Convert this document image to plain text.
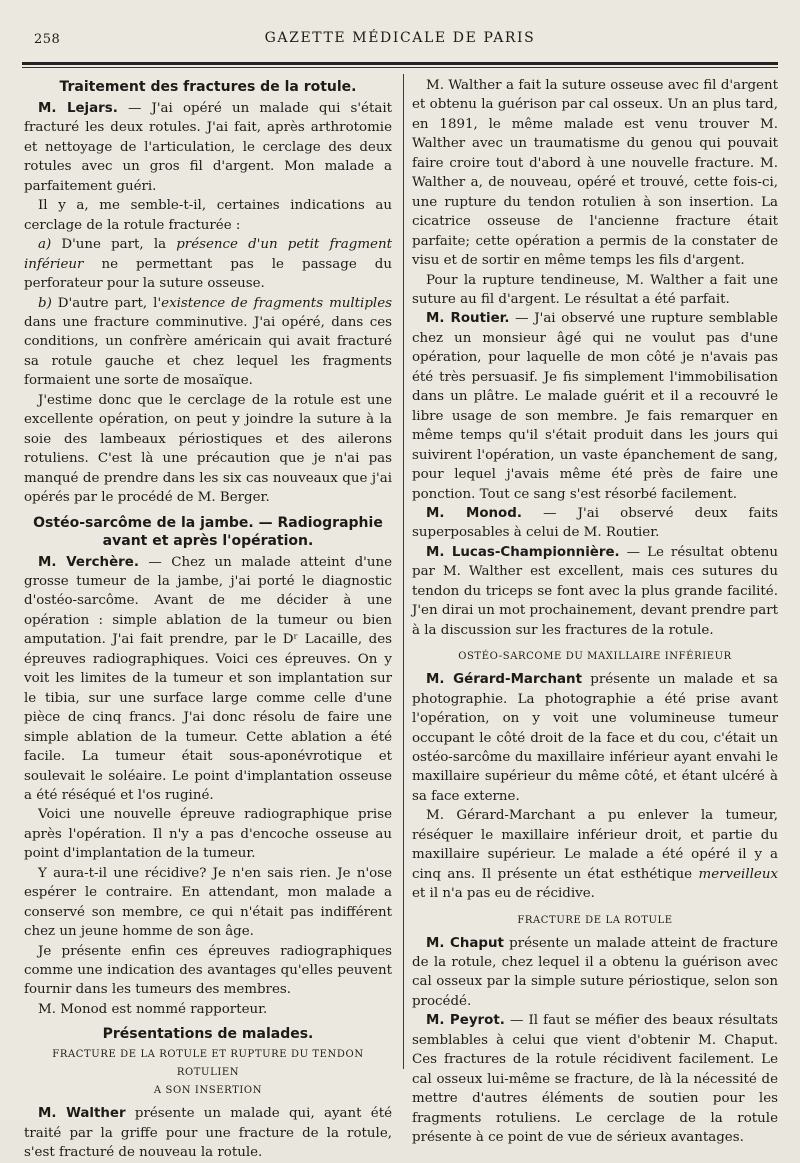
258	GAZETTE MÉDICALE DE PARIS
Traitement des fractures de la rotule.

M. Lejars. — J'ai opéré un malade qui s'était fracturé les deux rotules. J'ai fait, après arthrotomie et nettoyage de l'articulation, le cerclage des deux rotules avec un gros fil d'argent. Mon malade a parfaitement guéri.

Il y a, me semble-t-il, certaines indications au cerclage de la rotule fracturée :

a) D'une part, la présence d'un petit fragment inférieur ne permettant pas le passage du perforateur pour la suture osseuse.

b) D'autre part, l'existence de fragments multiples dans une fracture comminutive. J'ai opéré, dans ces conditions, un confrère américain qui avait fracturé sa rotule gauche et chez lequel les fragments formaient une sorte de mosaïque.

J'estime donc que le cerclage de la rotule est une excellente opération, on peut y joindre la suture à la soie des lambeaux périostiques et des ailerons rotuliens. C'est là une précaution que je n'ai pas manqué de prendre dans les six cas nouveaux que j'ai opérés par le procédé de M. Berger.

Ostéo-sarcôme de la jambe. — Radiographie
avant et après l'opération.

M. Verchère. — Chez un malade atteint d'une grosse tumeur de la jambe, j'ai porté le diagnostic d'ostéo-sarcôme. Avant de me décider à une opération : simple ablation de la tumeur ou bien amputation. J'ai fait prendre, par le Dʳ Lacaille, des épreuves radiographiques. Voici ces épreuves. On y voit les limites de la tumeur et son implantation sur le tibia, sur une surface large comme celle d'une pièce de cinq francs. J'ai donc résolu de faire une simple ablation de la tumeur. Cette ablation a été facile. La tumeur était sous-aponévrotique et soulevait le soléaire. Le point d'implantation osseuse a été réséqué et l'os ruginé.

Voici une nouvelle épreuve radiographique prise après l'opération. Il n'y a pas d'encoche osseuse au point d'implantation de la tumeur.

Y aura-t-il une récidive? Je n'en sais rien. Je n'ose espérer le contraire. En attendant, mon malade a conservé son membre, ce qui n'était pas indifférent chez un jeune homme de son âge.

Je présente enfin ces épreuves radiographiques comme une indication des avantages qu'elles peuvent fournir dans les tumeurs des membres.

M. Monod est nommé rapporteur.

Présentations de malades.
FRACTURE DE LA ROTULE ET RUPTURE DU TENDON ROTULIEN
A SON INSERTION

M. Walther présente un malade qui, ayant été traité par la griffe pour une fracture de la rotule, s'est fracturé de nouveau la rotule.

M. Walther a fait la suture osseuse avec fil d'argent et obtenu la guérison par cal osseux. Un an plus tard, en 1891, le même malade est venu trouver M. Walther avec un traumatisme du genou qui pouvait faire croire tout d'abord à une nouvelle fracture. M. Walther a, de nouveau, opéré et trouvé, cette fois-ci, une rupture du tendon rotulien à son insertion. La cicatrice osseuse de l'ancienne fracture était parfaite; cette opération a permis de la constater de visu et de sortir en même temps les fils d'argent.

Pour la rupture tendineuse, M. Walther a fait une suture au fil d'argent. Le résultat a été parfait.

M. Routier. — J'ai observé une rupture semblable chez un monsieur âgé qui ne voulut pas d'une opération, pour laquelle de mon côté je n'avais pas été très persuasif. Je fis simplement l'immobilisation dans un plâtre. Le malade guérit et il a recouvré le libre usage de son membre. Je fais remarquer en même temps qu'il s'était produit dans les jours qui suivirent l'opération, un vaste épanchement de sang, pour lequel j'avais même été près de faire une ponction. Tout ce sang s'est résorbé facilement.

M. Monod. — J'ai observé deux faits superposables à celui de M. Routier.

M. Lucas-Championnière. — Le résultat obtenu par M. Walther est excellent, mais ces sutures du tendon du triceps se font avec la plus grande facilité. J'en dirai un mot prochainement, devant prendre part à la discussion sur les fractures de la rotule.

OSTÉO-SARCOME DU MAXILLAIRE INFÉRIEUR

M. Gérard-Marchant présente un malade et sa photographie. La photographie a été prise avant l'opération, on y voit une volumineuse tumeur occupant le côté droit de la face et du cou, c'était un ostéo-sarcôme du maxillaire inférieur ayant envahi le maxillaire supérieur du même côté, et étant ulcéré à sa face externe.

M. Gérard-Marchant a pu enlever la tumeur, réséquer le maxillaire inférieur droit, et partie du maxillaire supérieur. Le malade a été opéré il y a cinq ans. Il présente un état esthétique merveilleux et il n'a pas eu de récidive.

FRACTURE DE LA ROTULE

M. Chaput présente un malade atteint de fracture de la rotule, chez lequel il a obtenu la guérison avec cal osseux par la simple suture périostique, selon son procédé.

M. Peyrot. — Il faut se méfier des beaux résultats semblables à celui que vient d'obtenir M. Chaput. Ces fractures de la rotule récidivent facilement. Le cal osseux lui-même se fracture, de là la nécessité de mettre d'autres éléments de soutien pour les fragments rotuliens. Le cerclage de la rotule présente à ce point de vue de sérieux avantages.
